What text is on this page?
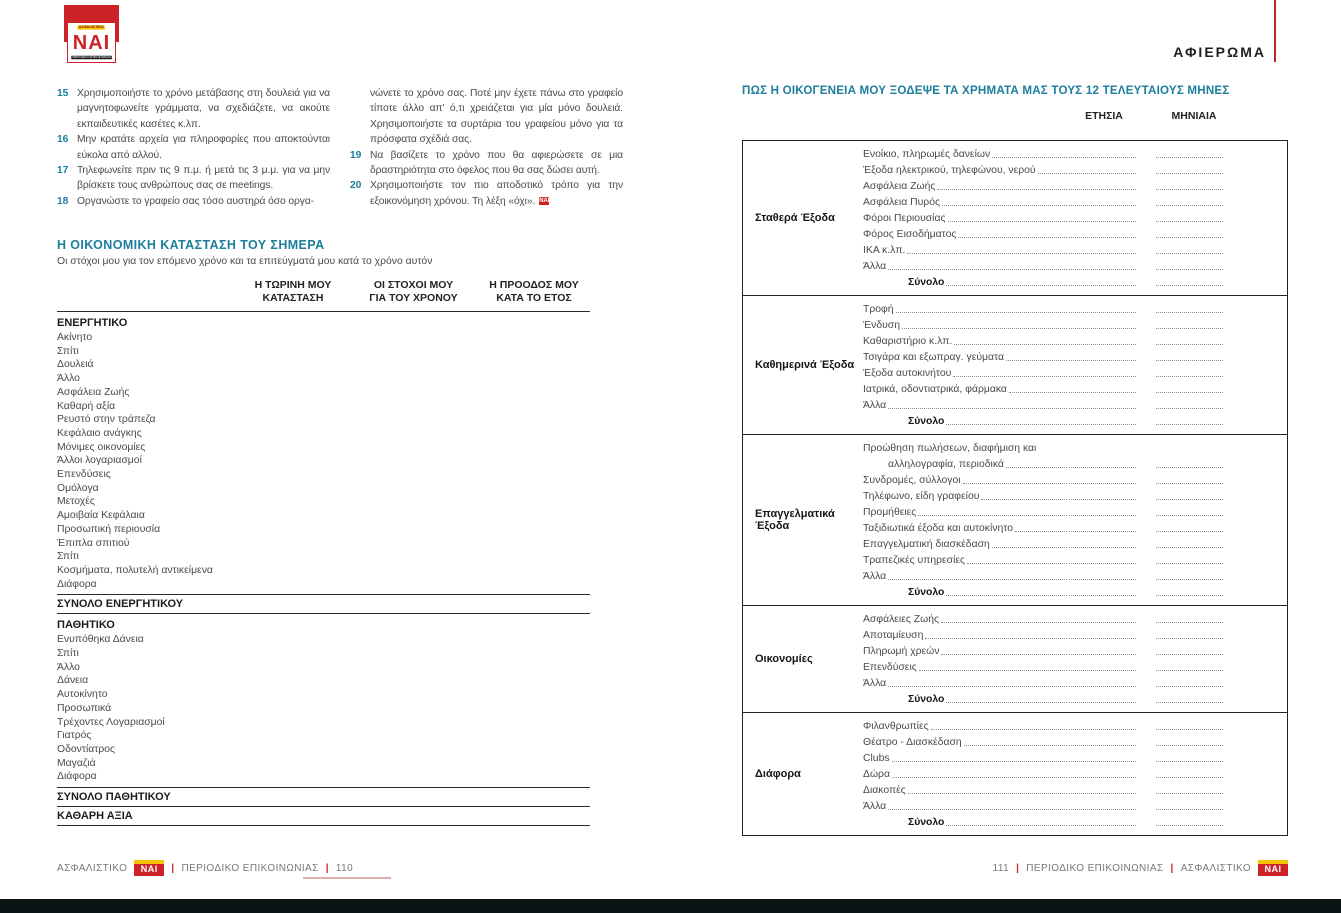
ΑΣΦΑΛΙΣΤΙΚΟ
ΝΑΙ
ΠΕΡΙΟΔΙΚΟ ΕΠΙΚΟΙΝΩΝΙΑΣ	ΑΦΙΕΡΩΜΑ
15 Χρησιμοποιήστε το χρόνο μετάβασης στη δουλειά για να μαγνητοφωνείτε γράμματα, να σχεδιάζετε, να ακούτε εκπαιδευτικές κασέτες κ.λπ.
16 Μην κρατάτε αρχεία για πληροφορίες που αποκτούνται εύκολα από αλλού.
17 Τηλεφωνείτε πριν τις 9 π.μ. ή μετά τις 3 μ.μ. για να μην βρίσκετε τους ανθρώπους σας σε meetings.
18 Οργανώστε το γραφείο σας τόσο αυστηρά όσο οργα-
νώνετε το χρόνο σας. Ποτέ μην έχετε πάνω στο γραφείο τίποτε άλλο απ’ ό,τι χρειάζεται για μία μόνο δουλειά. Χρησιμοποιήστε τα συρτάρια του γραφείου μόνο για τα πρόσφατα σχέδιά σας.
19 Να βασίζετε το χρόνο που θα αφιερώσετε σε μια δραστηριότητα στο όφελος που θα σας δώσει αυτή.
20 Χρησιμοποιήστε τον πιο αποδοτικό τρόπο για την εξοικονόμηση χρόνου. Τη λέξη «όχι». ΝΑΙ
Η ΟΙΚΟΝΟΜΙΚΗ ΚΑΤΑΣΤΑΣΗ ΤΟΥ ΣΗΜΕΡΑ
Οι στόχοι μου για τον επόμενο χρόνο και τα επιτεύγματά μου κατά το χρόνο αυτόν
Η ΤΩΡΙΝΗ ΜΟΥ
ΚΑΤΑΣΤΑΣΗ
ΟΙ ΣΤΟΧΟΙ ΜΟΥ
ΓΙΑ ΤΟΥ ΧΡΟΝΟΥ
Η ΠΡΟΟΔΟΣ ΜΟΥ
ΚΑΤΑ ΤΟ ΕΤΟΣ
ΕΝΕΡΓΗΤΙΚΟ
Ακίνητο
Σπίτι
Δουλειά
Άλλο
Ασφάλεια Ζωής
Καθαρή αξία
Ρευστό στην τράπεζα
Κεφάλαιο ανάγκης
Μόνιμες οικονομίες
Άλλοι λογαριασμοί
Επενδύσεις
Ομόλογα
Μετοχές
Αμοιβαία Κεφάλαια
Προσωπική περιουσία
Έπιπλα σπιτιού
Σπίτι
Κοσμήματα, πολυτελή αντικείμενα
Διάφορα
ΣΥΝΟΛΟ ΕΝΕΡΓΗΤΙΚΟΥ
ΠΑΘΗΤΙΚΟ
Ενυπόθηκα Δάνεια
Σπίτι
Άλλο
Δάνεια
Αυτοκίνητο
Προσωπικά
Τρέχοντες Λογαριασμοί
Γιατρός
Οδοντίατρος
Μαγαζιά
Διάφορα
ΣΥΝΟΛΟ ΠΑΘΗΤΙΚΟΥ
ΚΑΘΑΡΗ ΑΞΙΑ
ΠΩΣ Η ΟΙΚΟΓΕΝΕΙΑ ΜΟΥ ΞΟΔΕΨΕ ΤΑ ΧΡΗΜΑΤΑ ΜΑΣ ΤΟΥΣ 12 ΤΕΛΕΥΤΑΙΟΥΣ ΜΗΝΕΣ
ΕΤΗΣΙΑ	ΜΗΝΙΑΙΑ
Σταθερά Έξοδα
Ενοίκιο, πληρωμές δανείων
Έξοδα ηλεκτρικού, τηλεφώνου, νερού
Ασφάλεια Ζωής
Ασφάλεια Πυρός
Φόροι Περιουσίας
Φόρος Εισοδήματος
ΙΚΑ κ.λπ.
Άλλα
Σύνολο
Καθημερινά Έξοδα
Τροφή
Ένδυση
Καθαριστήριο κ.λπ.
Τσιγάρα και εξωπραγ. γεύματα
Έξοδα αυτοκινήτου
Ιατρικά, οδοντιατρικά, φάρμακα
Άλλα
Σύνολο
Επαγγελματικά Έξοδα
Προώθηση πωλήσεων, διαφήμιση και
αλληλογραφία, περιοδικά
Συνδρομές, σύλλογοι
Τηλέφωνο, είδη γραφείου
Προμήθειες
Ταξιδιωτικά έξοδα και αυτοκίνητο
Επαγγελματική διασκέδαση
Τραπεζικές υπηρεσίες
Άλλα
Σύνολο
Οικονομίες
Ασφάλειες Ζωής
Αποταμίευση
Πληρωμή χρεών
Επενδύσεις
Άλλα
Σύνολο
Διάφορα
Φιλανθρωπίες
Θέατρο - Διασκέδαση
Clubs
Δώρα
Διακοπές
Άλλα
Σύνολο
ΑΣΦΑΛΙΣΤΙΚΟ	ΝΑΙ	| ΠΕΡΙΟΔΙΚΟ ΕΠΙΚΟΙΝΩΝΙΑΣ | 110	111 | ΠΕΡΙΟΔΙΚΟ ΕΠΙΚΟΙΝΩΝΙΑΣ | ΑΣΦΑΛΙΣΤΙΚΟ	ΝΑΙ
